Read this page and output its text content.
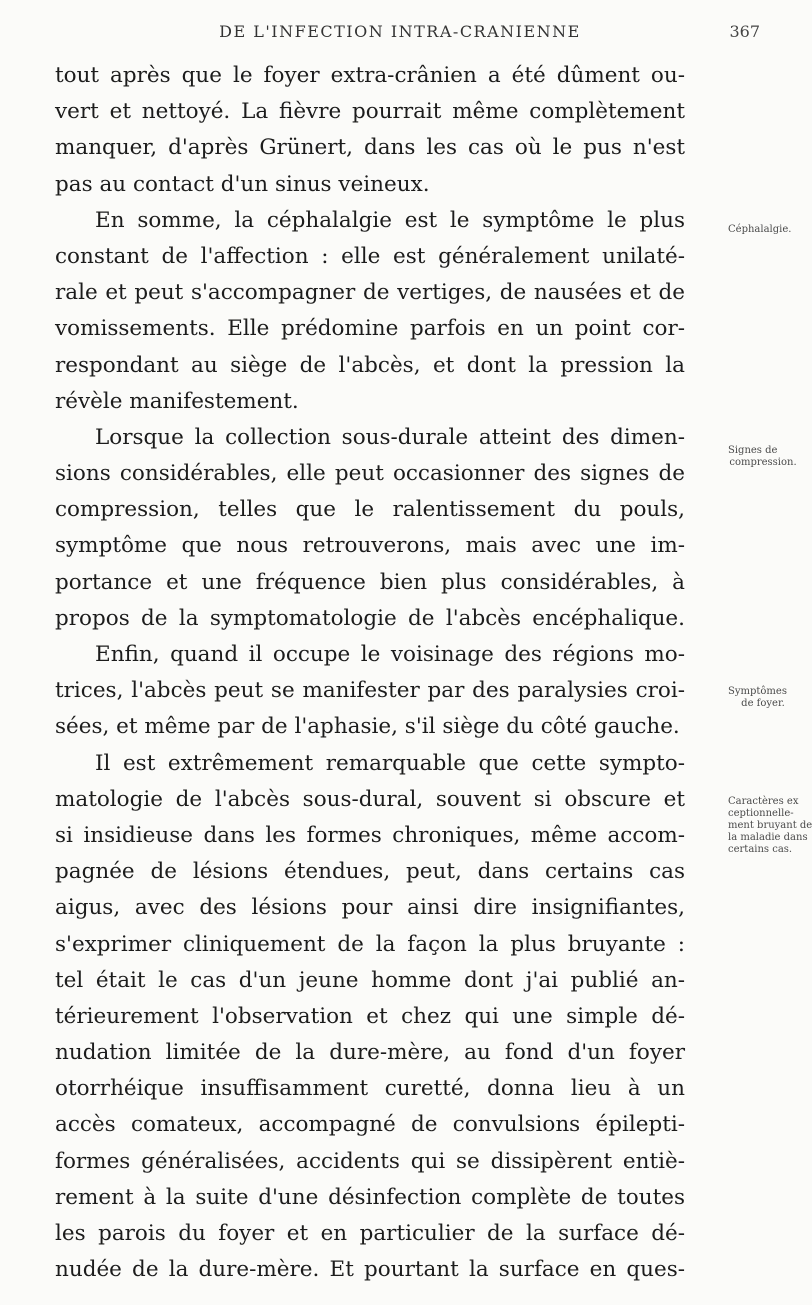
DE L'INFECTION INTRA-CRANIENNE	367
tout après que le foyer extra-crânien a été dûment ou-
vert et nettoyé. La fièvre pourrait même complètement
manquer, d'après Grünert, dans les cas où le pus n'est
pas au contact d'un sinus veineux.
En somme, la céphalalgie est le symptôme le plus
constant de l'affection : elle est généralement unilaté-
rale et peut s'accompagner de vertiges, de nausées et de
vomissements. Elle prédomine parfois en un point cor-
respondant au siège de l'abcès, et dont la pression la
révèle manifestement.
Lorsque la collection sous-durale atteint des dimen-
sions considérables, elle peut occasionner des signes de
compression, telles que le ralentissement du pouls,
symptôme que nous retrouverons, mais avec une im-
portance et une fréquence bien plus considérables, à
propos de la symptomatologie de l'abcès encéphalique.
Enfin, quand il occupe le voisinage des régions mo-
trices, l'abcès peut se manifester par des paralysies croi-
sées, et même par de l'aphasie, s'il siège du côté gauche.
Il est extrêmement remarquable que cette sympto-
matologie de l'abcès sous-dural, souvent si obscure et
si insidieuse dans les formes chroniques, même accom-
pagnée de lésions étendues, peut, dans certains cas
aigus, avec des lésions pour ainsi dire insignifiantes,
s'exprimer cliniquement de la façon la plus bruyante :
tel était le cas d'un jeune homme dont j'ai publié an-
térieurement l'observation et chez qui une simple dé-
nudation limitée de la dure-mère, au fond d'un foyer
otorrhéique insuffisamment curetté, donna lieu à un
accès comateux, accompagné de convulsions épilepti-
formes généralisées, accidents qui se dissipèrent entiè-
rement à la suite d'une désinfection complète de toutes
les parois du foyer et en particulier de la surface dé-
nudée de la dure-mère. Et pourtant la surface en ques-
Céphalalgie.
Signes de
compression.
Symptômes
de foyer.
Caractères ex
ceptionnelle-
ment bruyant de
la maladie dans
certains cas.
